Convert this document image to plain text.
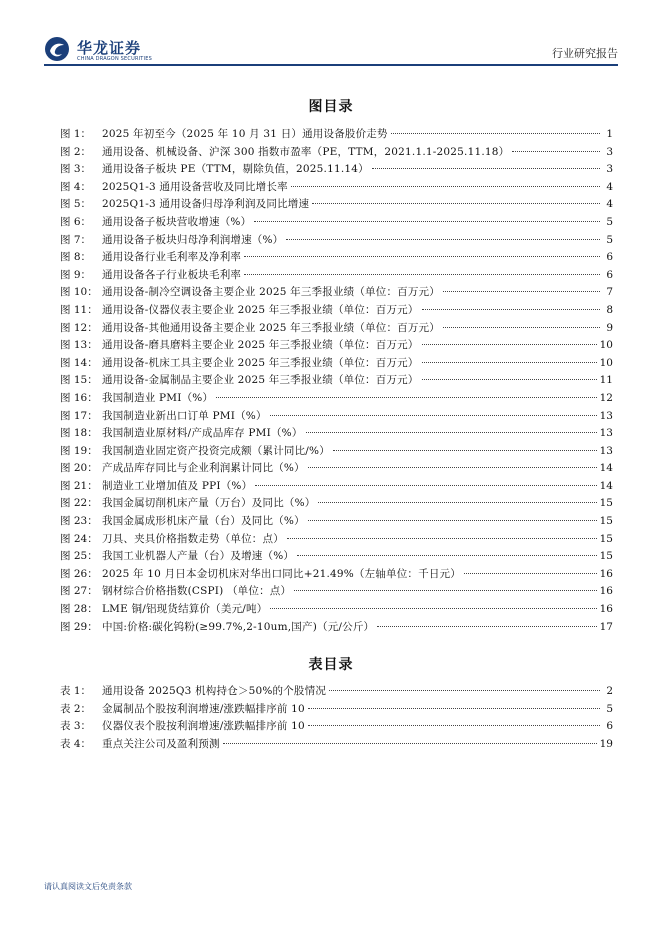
华龙证券
CHINA DRAGON SECURITIES	行业研究报告
图目录
图 1：	2025 年初至今（2025 年 10 月 31 日）通用设备股价走势	1
图 2：	通用设备、机械设备、沪深 300 指数市盈率（PE，TTM，2021.1.1-2025.11.18）	3
图 3：	通用设备子板块 PE（TTM，剔除负值，2025.11.14）	3
图 4：	2025Q1-3 通用设备营收及同比增长率	4
图 5：	2025Q1-3 通用设备归母净利润及同比增速	4
图 6：	通用设备子板块营收增速（%）	5
图 7：	通用设备子板块归母净利润增速（%）	5
图 8：	通用设备行业毛利率及净利率	6
图 9：	通用设备各子行业板块毛利率	6
图 10： 通用设备-制冷空调设备主要企业 2025 年三季报业绩（单位：百万元）	7
图 11： 通用设备-仪器仪表主要企业 2025 年三季报业绩（单位：百万元）	8
图 12： 通用设备-其他通用设备主要企业 2025 年三季报业绩（单位：百万元）	9
图 13： 通用设备-磨具磨料主要企业 2025 年三季报业绩（单位：百万元）	10
图 14： 通用设备-机床工具主要企业 2025 年三季报业绩（单位：百万元）	10
图 15： 通用设备-金属制品主要企业 2025 年三季报业绩（单位：百万元）	11
图 16： 我国制造业 PMI（%）	12
图 17： 我国制造业新出口订单 PMI（%）	13
图 18： 我国制造业原材料/产成品库存 PMI（%）	13
图 19： 我国制造业固定资产投资完成额（累计同比/%）	13
图 20： 产成品库存同比与企业利润累计同比（%）	14
图 21： 制造业工业增加值及 PPI（%）	14
图 22： 我国金属切削机床产量（万台）及同比（%）	15
图 23： 我国金属成形机床产量（台）及同比（%）	15
图 24： 刀具、夹具价格指数走势（单位：点）	15
图 25： 我国工业机器人产量（台）及增速（%）	15
图 26： 2025 年 10 月日本金切机床对华出口同比+21.49%（左轴单位：千日元）	16
图 27： 钢材综合价格指数(CSPI) （单位：点）	16
图 28： LME 铜/铝现货结算价（美元/吨）	16
图 29： 中国:价格:碳化钨粉(≥99.7%,2-10um,国产)（元/公斤）	17
表目录
表 1：	通用设备 2025Q3 机构持仓＞50%的个股情况	2
表 2：	金属制品个股按利润增速/涨跌幅排序前 10	5
表 3：	仪器仪表个股按利润增速/涨跌幅排序前 10	6
表 4：	重点关注公司及盈利预测	19
请认真阅读文后免责条款
